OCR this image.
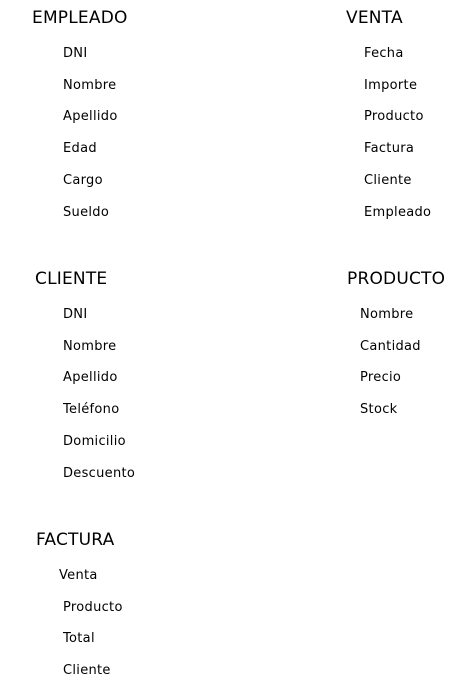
EMPLEADO
DNI
Nombre
Apellido
Edad
Cargo
Sueldo
VENTA
Fecha
Importe
Producto
Factura
Cliente
Empleado
CLIENTE
DNI
Nombre
Apellido
Teléfono
Domicilio
Descuento
PRODUCTO
Nombre
Cantidad
Precio
Stock
FACTURA
Venta
Producto
Total
Cliente
